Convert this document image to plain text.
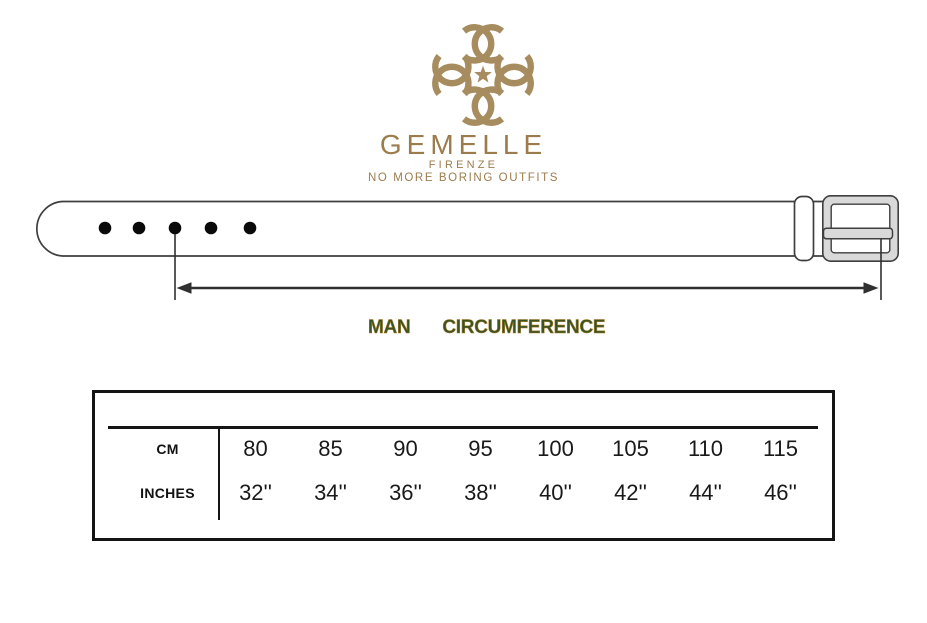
GEMELLE
FIRENZE
NO MORE BORING OUTFITS
MAN CIRCUMFERENCE
CM	80	85	90	95	100	105	110	115
INCHES	32''	34''	36''	38''	40''	42''	44''	46''
